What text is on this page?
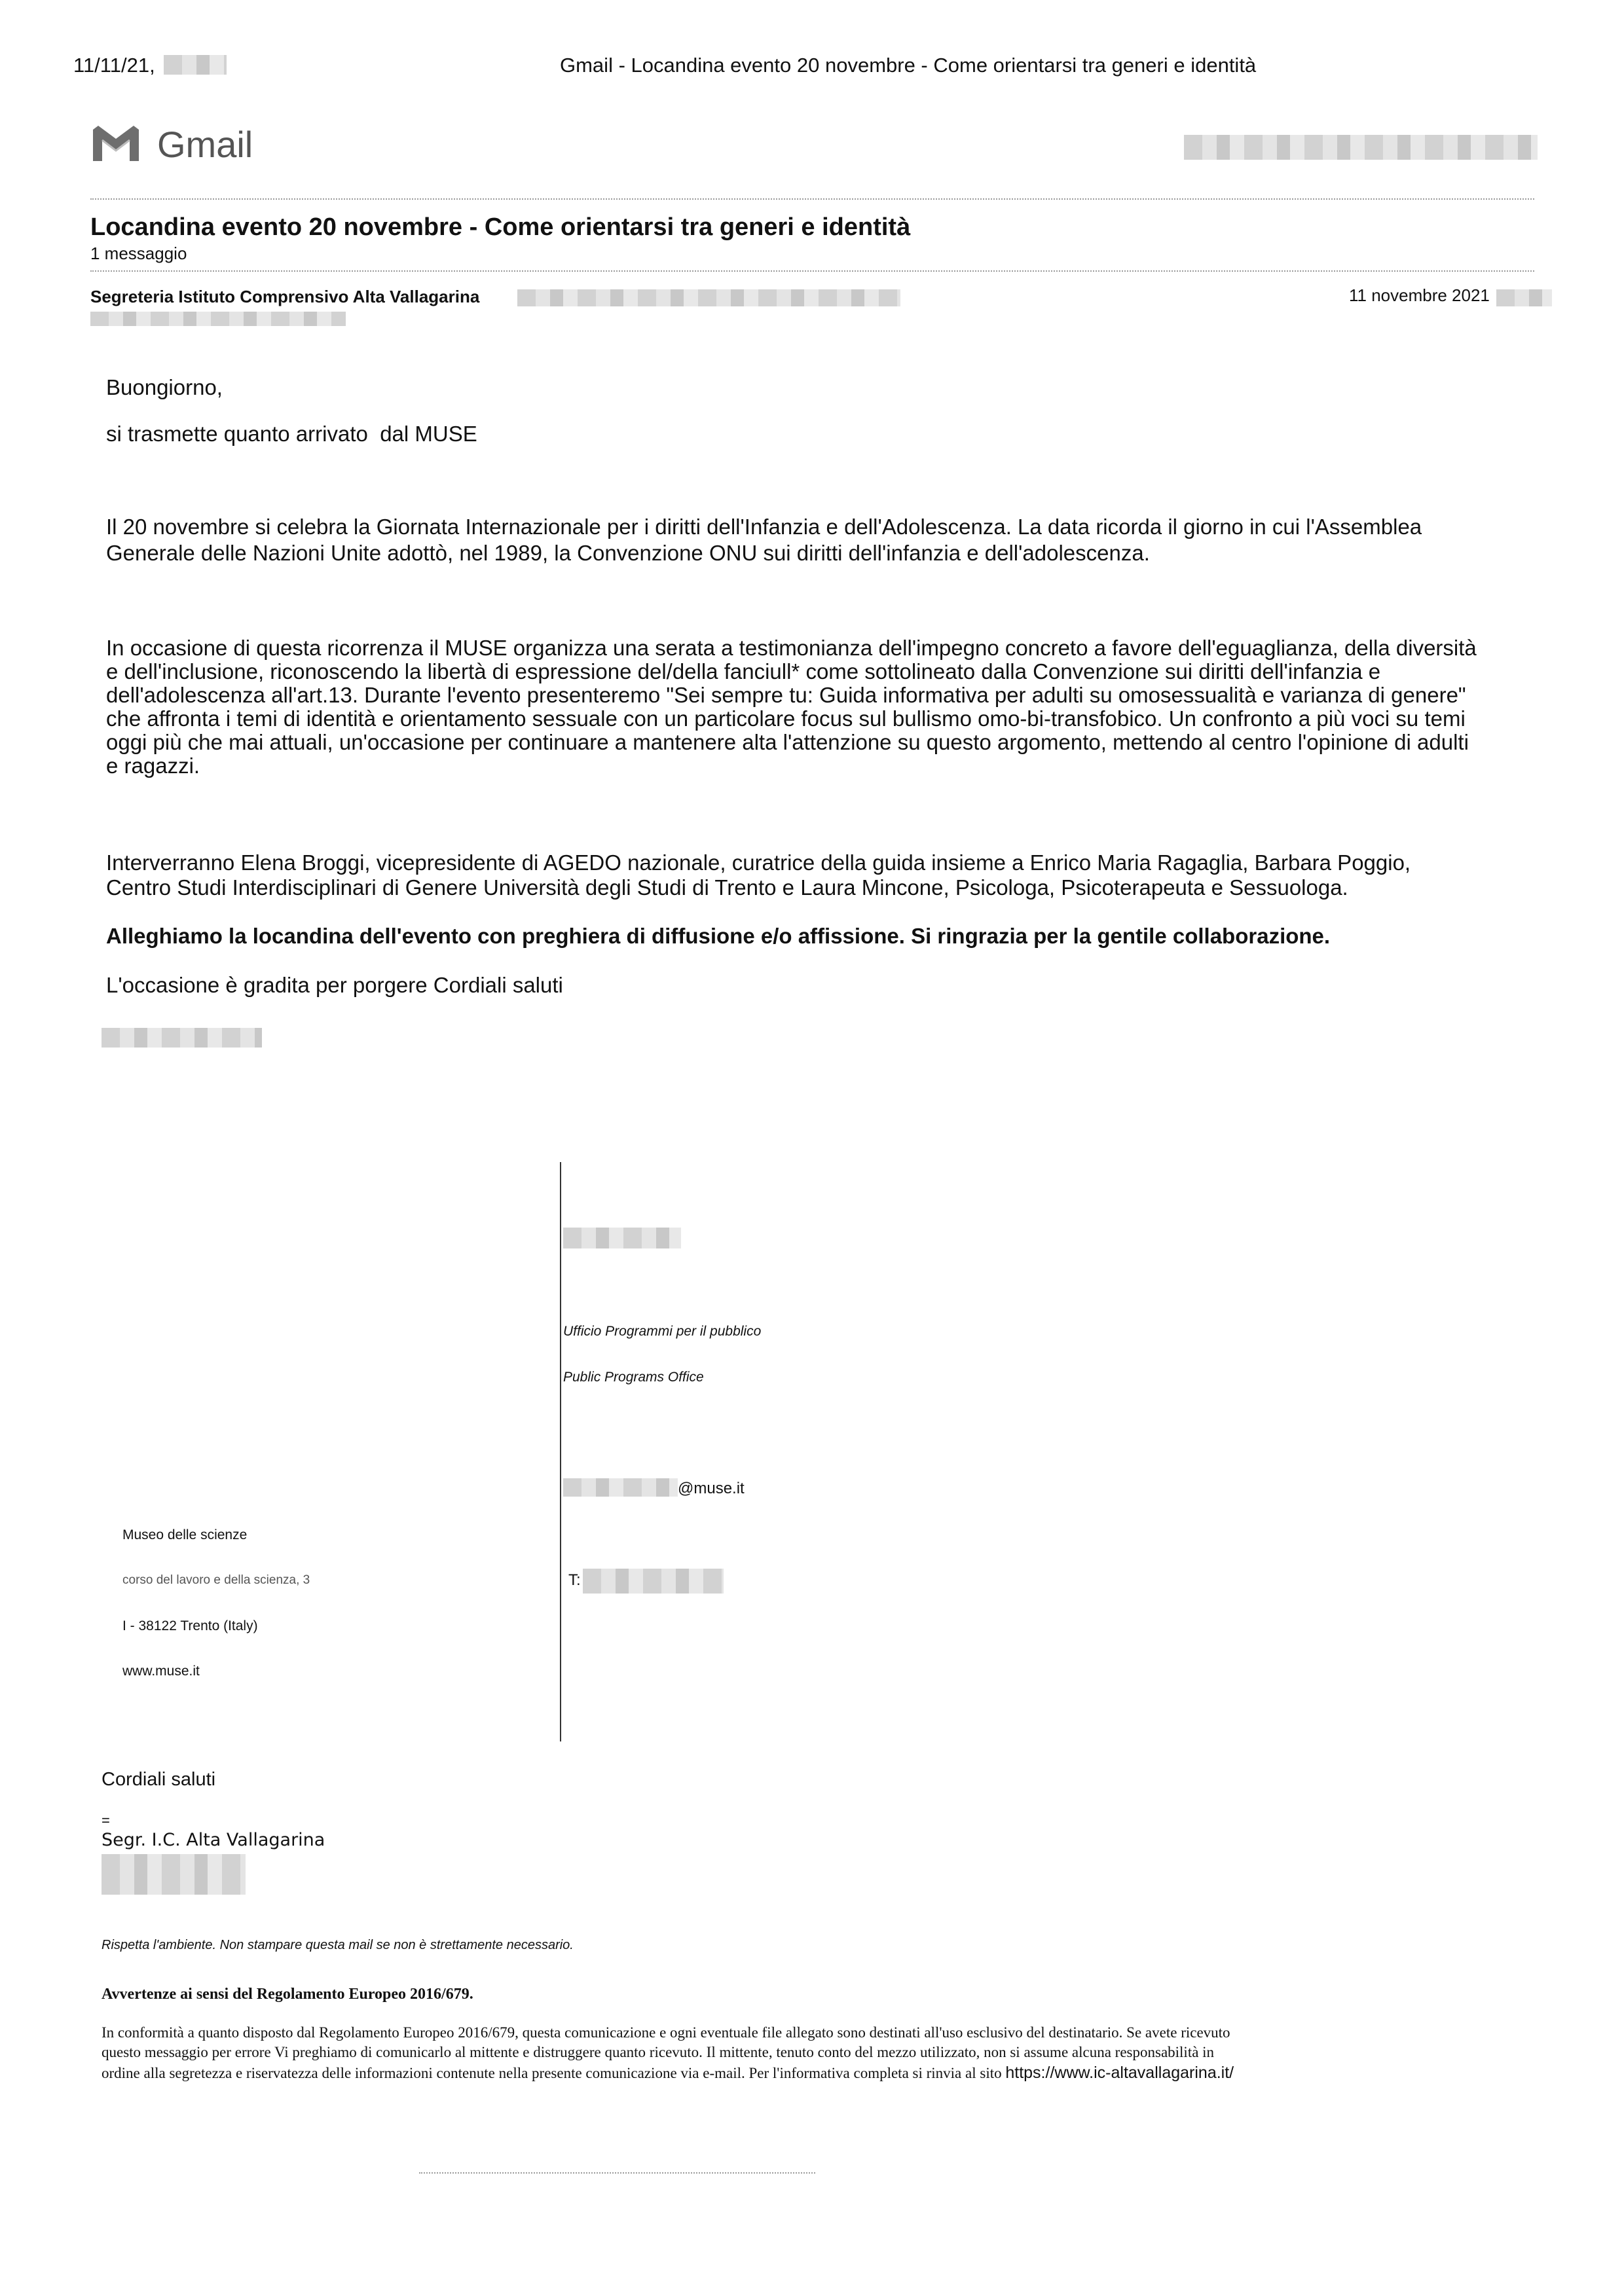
11/11/21,	Gmail - Locandina evento 20 novembre - Come orientarsi tra generi e identità
Gmail
Locandina evento 20 novembre - Come orientarsi tra generi e identità
1 messaggio
Segreteria Istituto Comprensivo Alta Vallagarina	11 novembre 2021
Buongiorno,
si trasmette quanto arrivato  dal MUSE
Il 20 novembre si celebra la Giornata Internazionale per i diritti dell'Infanzia e dell'Adolescenza. La data ricorda il giorno in cui l'Assemblea
Generale delle Nazioni Unite adottò, nel 1989, la Convenzione ONU sui diritti dell'infanzia e dell'adolescenza.
In occasione di questa ricorrenza il MUSE organizza una serata a testimonianza dell'impegno concreto a favore dell'eguaglianza, della diversità
e dell'inclusione, riconoscendo la libertà di espressione del/della fanciull* come sottolineato dalla Convenzione sui diritti dell'infanzia e
dell'adolescenza all'art.13. Durante l'evento presenteremo "Sei sempre tu: Guida informativa per adulti su omosessualità e varianza di genere"
che affronta i temi di identità e orientamento sessuale con un particolare focus sul bullismo omo-bi-transfobico. Un confronto a più voci su temi
oggi più che mai attuali, un'occasione per continuare a mantenere alta l'attenzione su questo argomento, mettendo al centro l'opinione di adulti
e ragazzi.
Interverranno Elena Broggi, vicepresidente di AGEDO nazionale, curatrice della guida insieme a Enrico Maria Ragaglia, Barbara Poggio,
Centro Studi Interdisciplinari di Genere Università degli Studi di Trento e Laura Mincone, Psicologa, Psicoterapeuta e Sessuologa.
Alleghiamo la locandina dell'evento con preghiera di diffusione e/o affissione. Si ringrazia per la gentile collaborazione.
L'occasione è gradita per porgere Cordiali saluti
Ufficio Programmi per il pubblico
Public Programs Office
@muse.it
T:
Museo delle scienze
corso del lavoro e della scienza, 3
I - 38122 Trento (Italy)
www.muse.it
Cordiali saluti
=
Segr. I.C. Alta Vallagarina
Rispetta l'ambiente. Non stampare questa mail se non è strettamente necessario.
Avvertenze ai sensi del Regolamento Europeo 2016/679.
In conformità a quanto disposto dal Regolamento Europeo 2016/679, questa comunicazione e ogni eventuale file allegato sono destinati all'uso esclusivo del destinatario. Se avete ricevuto
questo messaggio per errore Vi preghiamo di comunicarlo al mittente e distruggere quanto ricevuto. Il mittente, tenuto conto del mezzo utilizzato, non si assume alcuna responsabilità in
ordine alla segretezza e riservatezza delle informazioni contenute nella presente comunicazione via e-mail. Per l'informativa completa si rinvia al sito https://www.ic-altavallagarina.it/
